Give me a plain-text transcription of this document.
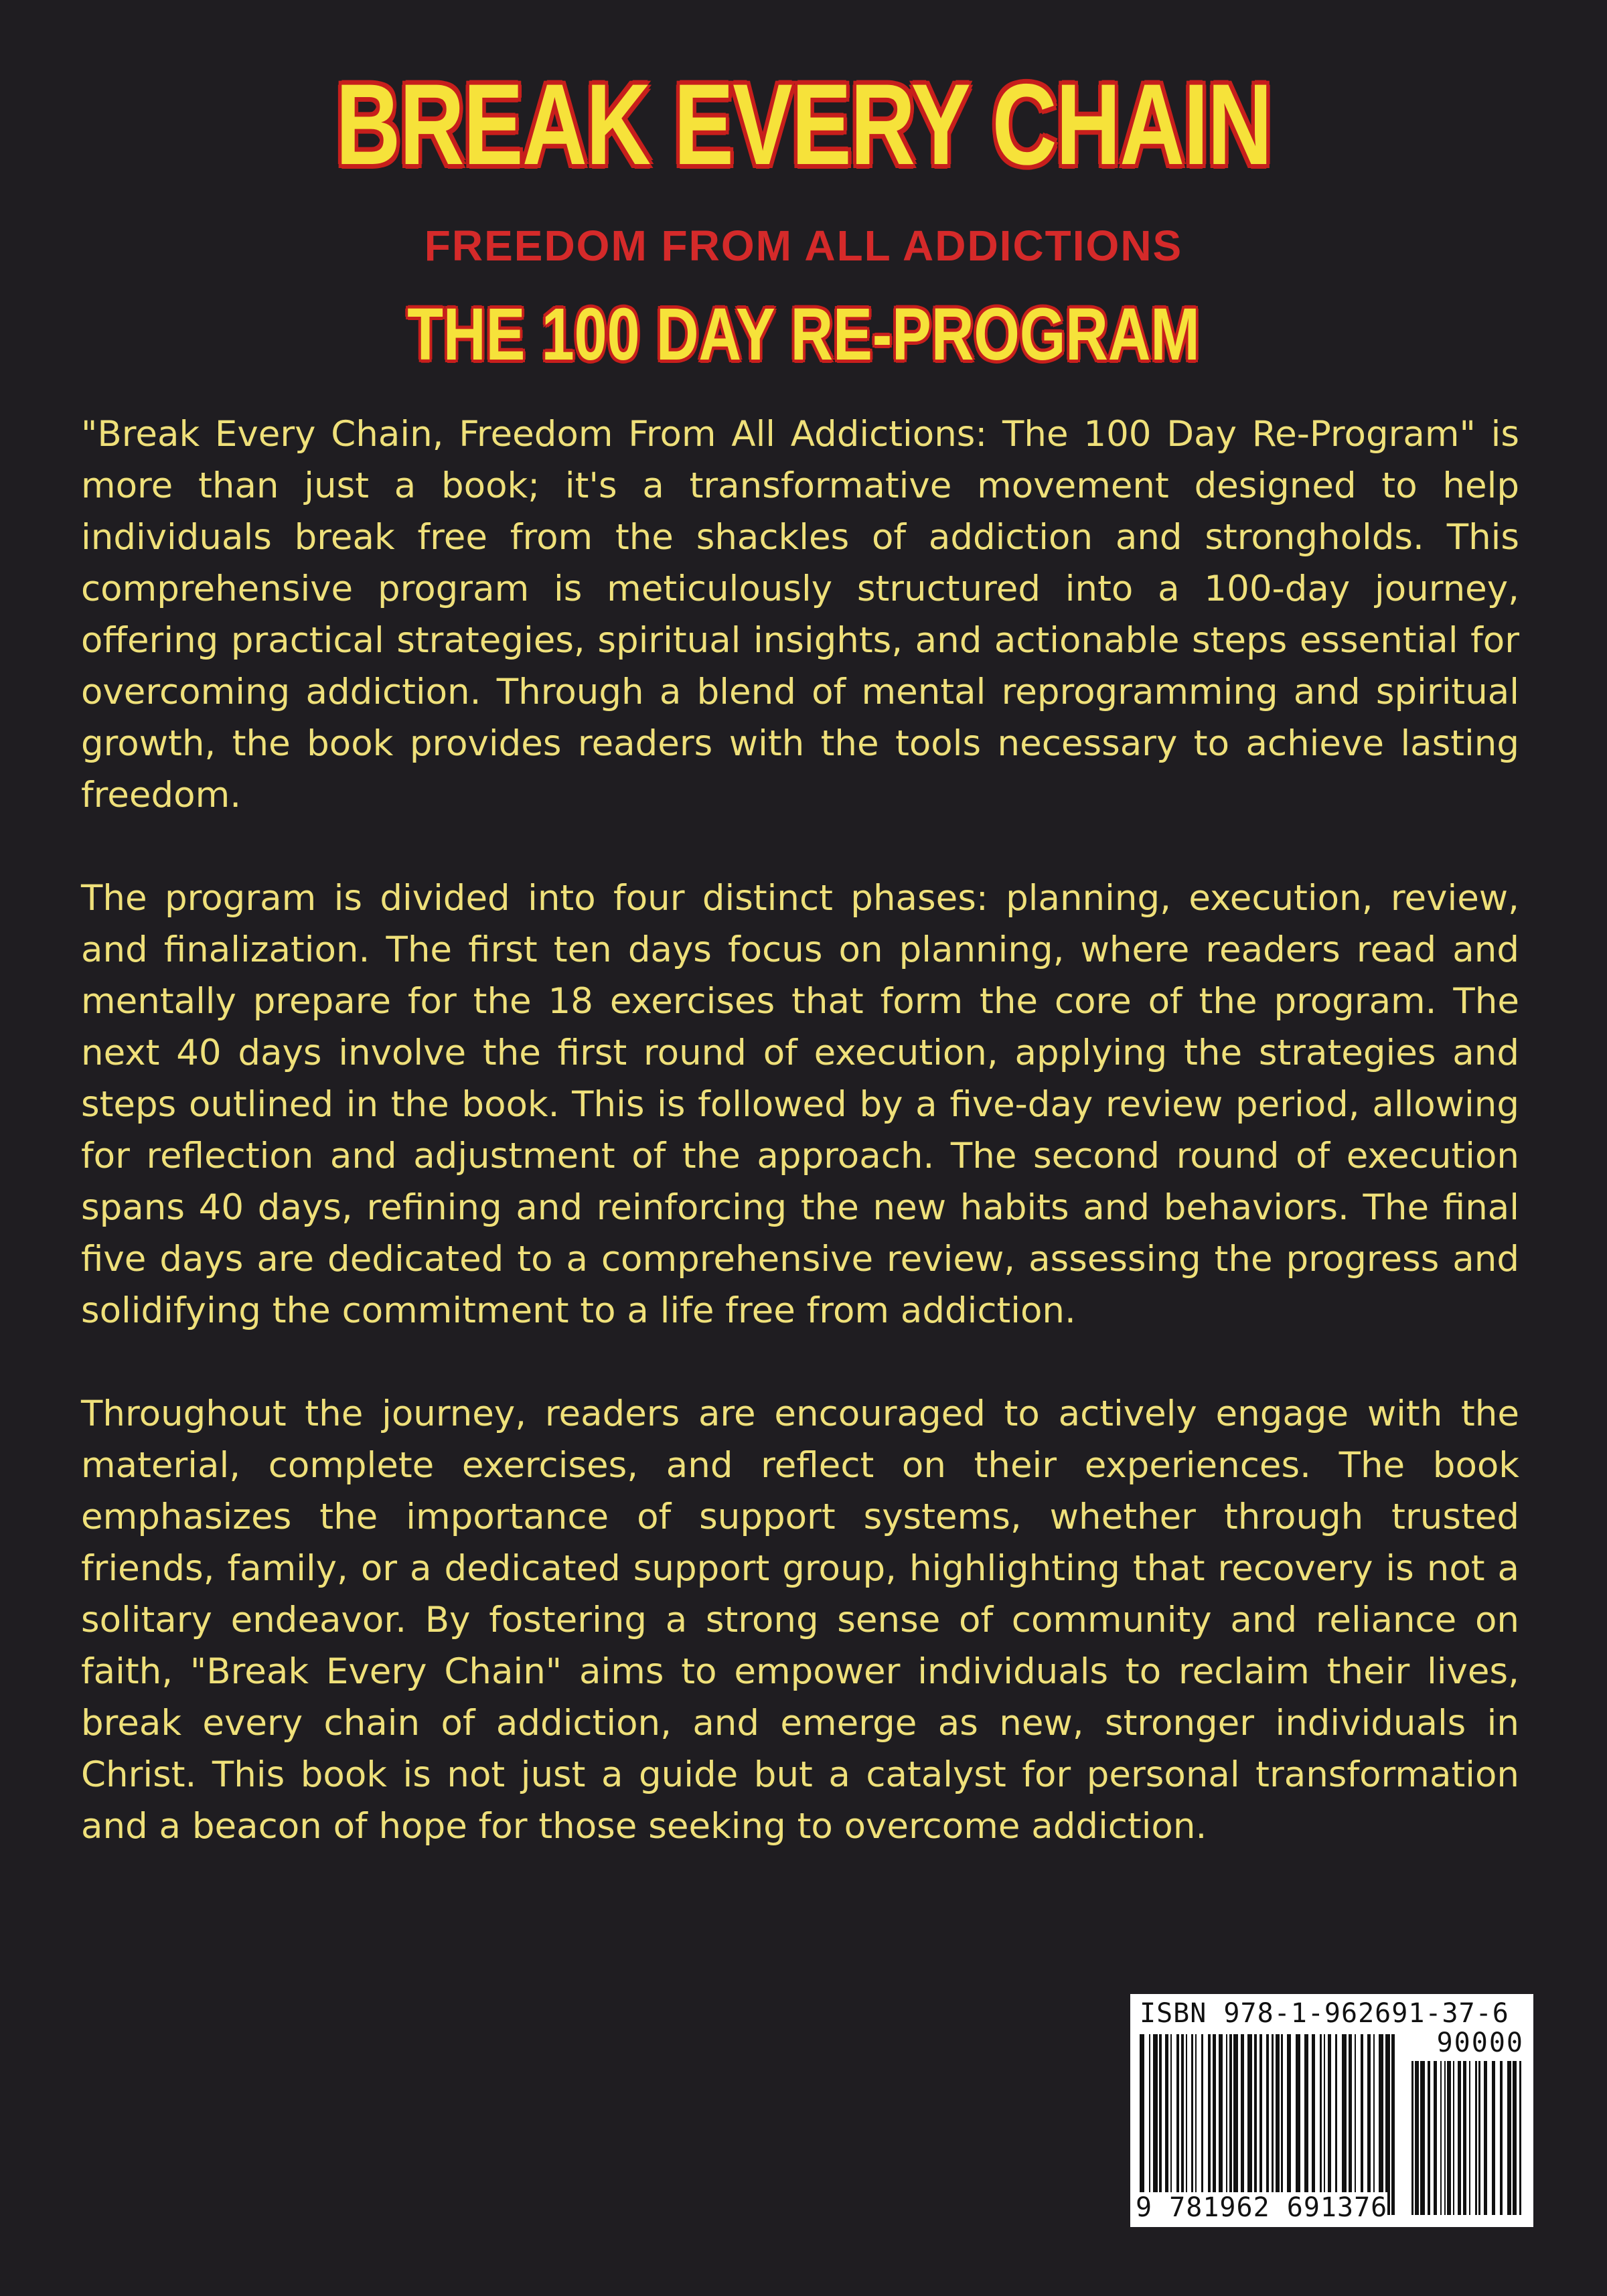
BREAK EVERY CHAIN
FREEDOM FROM ALL ADDICTIONS
THE 100 DAY RE-PROGRAM

"Break Every Chain, Freedom From All Addictions: The 100 Day Re-Program" is more than just a book; it's a transformative movement designed to help individuals break free from the shackles of addiction and strongholds. This comprehensive program is meticulously structured into a 100-day journey, offering practical strategies, spiritual insights, and actionable steps essential for overcoming addiction. Through a blend of mental reprogramming and spiritual growth, the book provides readers with the tools necessary to achieve lasting freedom.

The program is divided into four distinct phases: planning, execution, review, and finalization. The first ten days focus on planning, where readers read and mentally prepare for the 18 exercises that form the core of the program. The next 40 days involve the first round of execution, applying the strategies and steps outlined in the book. This is followed by a five-day review period, allowing for reflection and adjustment of the approach. The second round of execution spans 40 days, refining and reinforcing the new habits and behaviors. The final five days are dedicated to a comprehensive review, assessing the progress and solidifying the commitment to a life free from addiction.

Throughout the journey, readers are encouraged to actively engage with the material, complete exercises, and reflect on their experiences. The book emphasizes the importance of support systems, whether through trusted friends, family, or a dedicated support group, highlighting that recovery is not a solitary endeavor. By fostering a strong sense of community and reliance on faith, "Break Every Chain" aims to empower individuals to reclaim their lives, break every chain of addiction, and emerge as new, stronger individuals in Christ. This book is not just a guide but a catalyst for personal transformation and a beacon of hope for those seeking to overcome addiction.

ISBN 978-1-962691-37-6
90000
9 781962 691376
